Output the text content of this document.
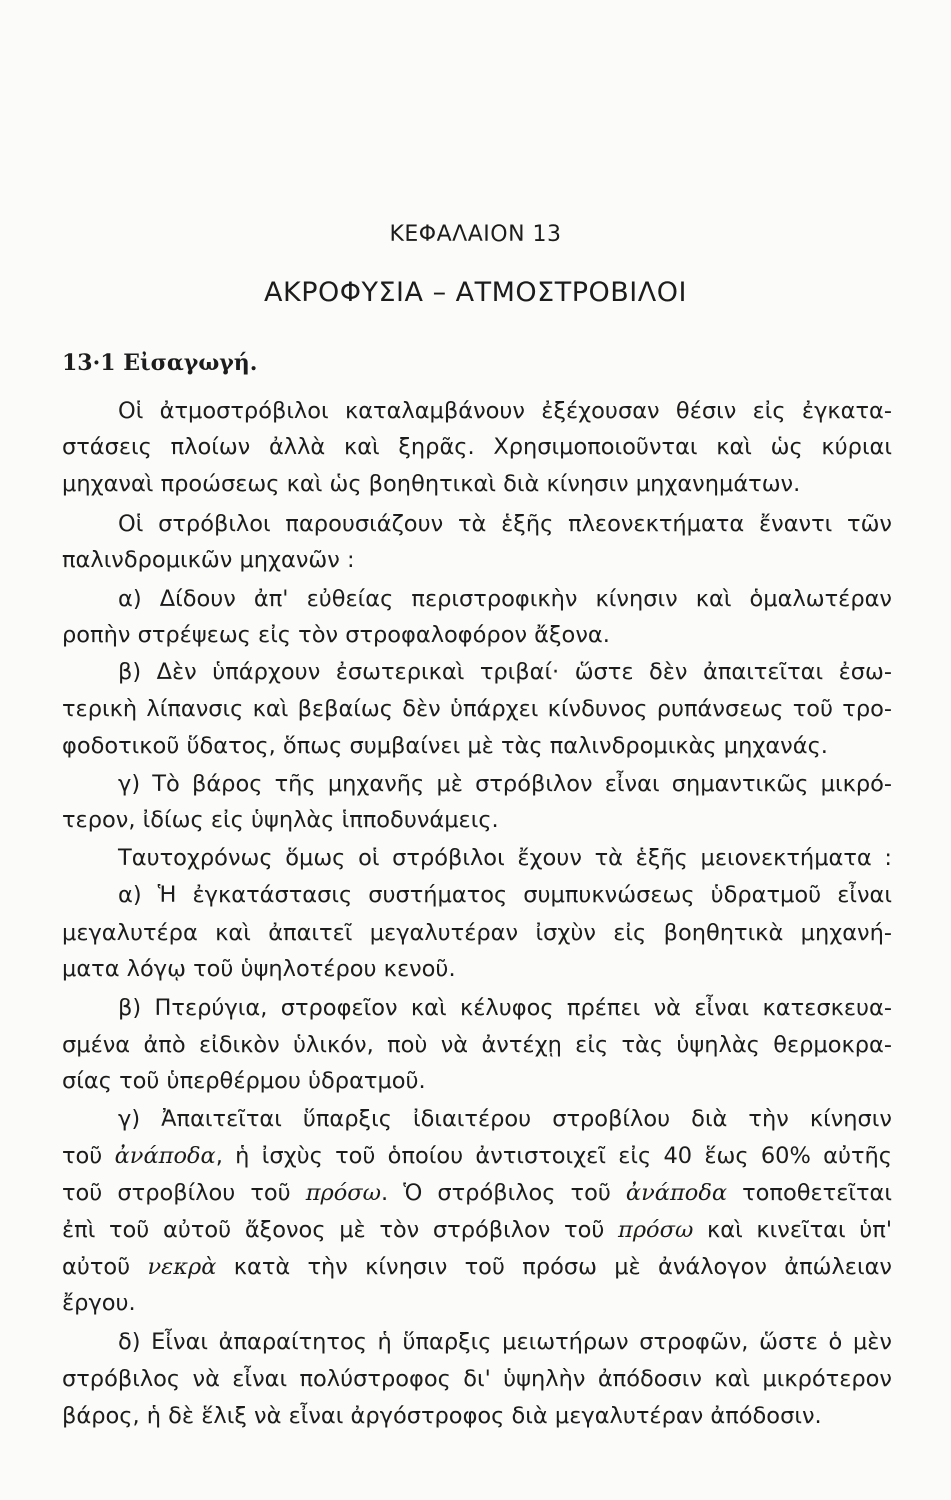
ΚΕΦΑΛΑΙΟΝ 13
ΑΚΡΟΦΥΣΙΑ – ΑΤΜΟΣΤΡΟΒΙΛΟΙ
13·1 Εἰσαγωγή.
Οἱ ἀτμοστρόβιλοι καταλαμβάνουν ἐξέχουσαν θέσιν εἰς ἐγκατα-
στάσεις πλοίων ἀλλὰ καὶ ξηρᾶς. Χρησιμοποιοῦνται καὶ ὡς κύριαι
μηχαναὶ προώσεως καὶ ὡς βοηθητικαὶ διὰ κίνησιν μηχανημάτων.
Οἱ στρόβιλοι παρουσιάζουν τὰ ἑξῆς πλεονεκτήματα ἔναντι τῶν
παλινδρομικῶν μηχανῶν :
α) Δίδουν ἀπ' εὐθείας περιστροφικὴν κίνησιν καὶ ὁμαλωτέραν
ροπὴν στρέψεως εἰς τὸν στροφαλοφόρον ἄξονα.
β) Δὲν ὑπάρχουν ἐσωτερικαὶ τριβαί· ὥστε δὲν ἀπαιτεῖται ἐσω-
τερικὴ λίπανσις καὶ βεβαίως δὲν ὑπάρχει κίνδυνος ρυπάνσεως τοῦ τρο-
φοδοτικοῦ ὕδατος, ὅπως συμβαίνει μὲ τὰς παλινδρομικὰς μηχανάς.
γ) Τὸ βάρος τῆς μηχανῆς μὲ στρόβιλον εἶναι σημαντικῶς μικρό-
τερον, ἰδίως εἰς ὑψηλὰς ἱπποδυνάμεις.
Ταυτοχρόνως ὅμως οἱ στρόβιλοι ἔχουν τὰ ἑξῆς μειονεκτήματα :
α) Ἡ ἐγκατάστασις συστήματος συμπυκνώσεως ὑδρατμοῦ εἶναι
μεγαλυτέρα καὶ ἀπαιτεῖ μεγαλυτέραν ἰσχὺν εἰς βοηθητικὰ μηχανή-
ματα λόγῳ τοῦ ὑψηλοτέρου κενοῦ.
β) Πτερύγια, στροφεῖον καὶ κέλυφος πρέπει νὰ εἶναι κατεσκευα-
σμένα ἀπὸ εἰδικὸν ὑλικόν, ποὺ νὰ ἀντέχῃ εἰς τὰς ὑψηλὰς θερμοκρα-
σίας τοῦ ὑπερθέρμου ὑδρατμοῦ.
γ) Ἀπαιτεῖται ὕπαρξις ἰδιαιτέρου στροβίλου διὰ τὴν κίνησιν
τοῦ ἀνάποδα, ἡ ἰσχὺς τοῦ ὁποίου ἀντιστοιχεῖ εἰς 40 ἕως 60% αὐτῆς
τοῦ στροβίλου τοῦ πρόσω. Ὁ στρόβιλος τοῦ ἀνάποδα τοποθετεῖται
ἐπὶ τοῦ αὐτοῦ ἄξονος μὲ τὸν στρόβιλον τοῦ πρόσω καὶ κινεῖται ὑπ'
αὐτοῦ νεκρὰ κατὰ τὴν κίνησιν τοῦ πρόσω μὲ ἀνάλογον ἀπώλειαν
ἔργου.
δ) Εἶναι ἀπαραίτητος ἡ ὕπαρξις μειωτήρων στροφῶν, ὥστε ὁ μὲν
στρόβιλος νὰ εἶναι πολύστροφος δι' ὑψηλὴν ἀπόδοσιν καὶ μικρότερον
βάρος, ἡ δὲ ἕλιξ νὰ εἶναι ἀργόστροφος διὰ μεγαλυτέραν ἀπόδοσιν.
